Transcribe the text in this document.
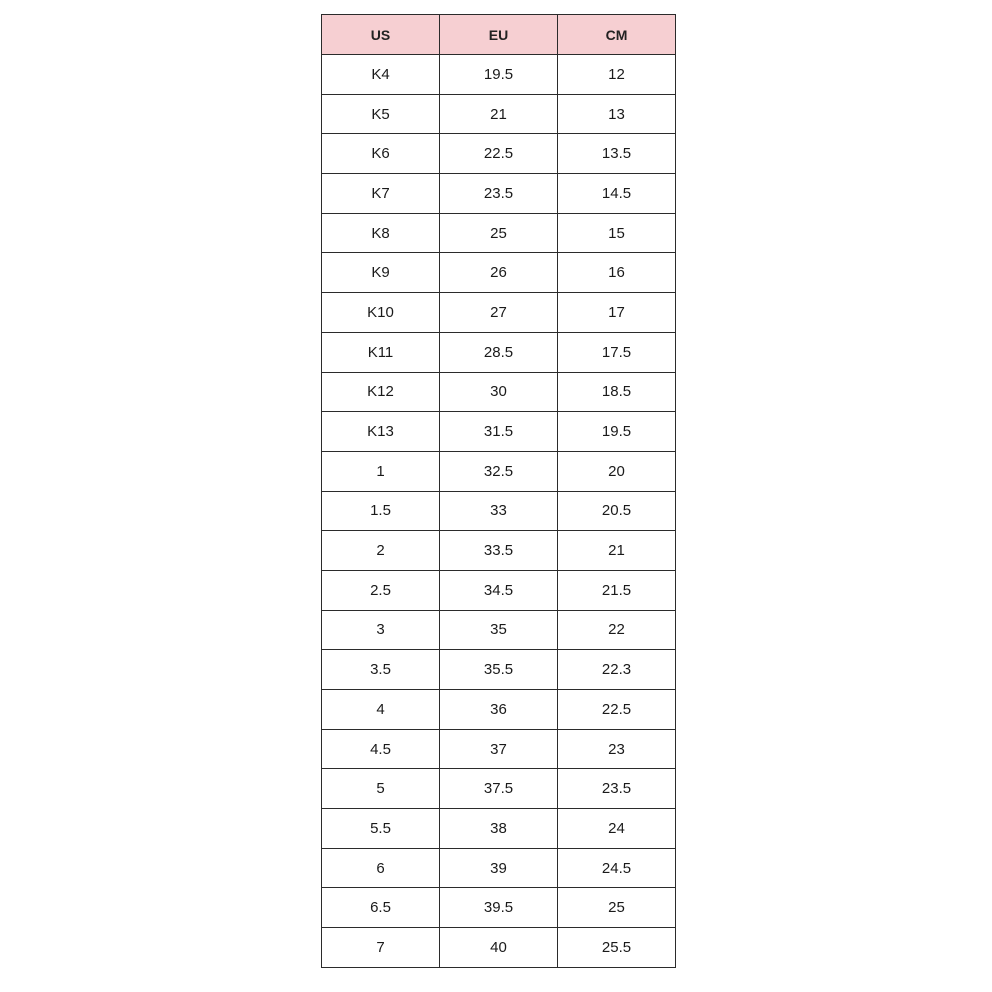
US	EU	CM
K4	19.5	12
K5	21	13
K6	22.5	13.5
K7	23.5	14.5
K8	25	15
K9	26	16
K10	27	17
K11	28.5	17.5
K12	30	18.5
K13	31.5	19.5
1	32.5	20
1.5	33	20.5
2	33.5	21
2.5	34.5	21.5
3	35	22
3.5	35.5	22.3
4	36	22.5
4.5	37	23
5	37.5	23.5
5.5	38	24
6	39	24.5
6.5	39.5	25
7	40	25.5
